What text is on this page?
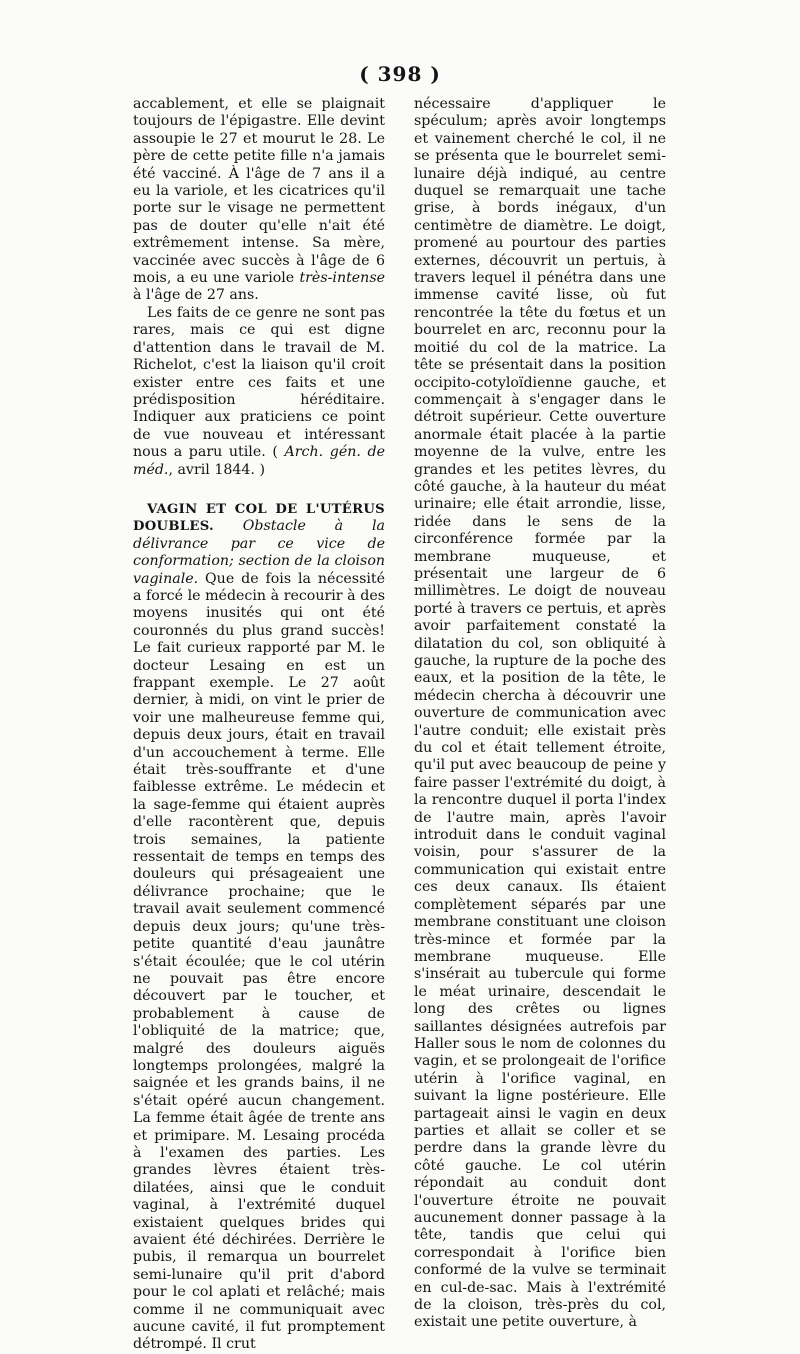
( 398 )

accablement, et elle se plaignait toujours de l'épigastre. Elle devint assoupie le 27 et mourut le 28. Le père de cette petite fille n'a jamais été vacciné. À l'âge de 7 ans il a eu la variole, et les cicatrices qu'il porte sur le visage ne permettent pas de douter qu'elle n'ait été extrêmement intense. Sa mère, vaccinée avec succès à l'âge de 6 mois, a eu une variole très-intense à l'âge de 27 ans.

Les faits de ce genre ne sont pas rares, mais ce qui est digne d'attention dans le travail de M. Richelot, c'est la liaison qu'il croit exister entre ces faits et une prédisposition héréditaire. Indiquer aux praticiens ce point de vue nouveau et intéressant nous a paru utile. ( Arch. gén. de méd., avril 1844. )

VAGIN ET COL DE L'UTÉRUS DOUBLES. Obstacle à la délivrance par ce vice de conformation; section de la cloison vaginale. Que de fois la nécessité a forcé le médecin à recourir à des moyens inusités qui ont été couronnés du plus grand succès! Le fait curieux rapporté par M. le docteur Lesaing en est un frappant exemple. Le 27 août dernier, à midi, on vint le prier de voir une malheureuse femme qui, depuis deux jours, était en travail d'un accouchement à terme. Elle était très-souffrante et d'une faiblesse extrême. Le médecin et la sage-femme qui étaient auprès d'elle racontèrent que, depuis trois semaines, la patiente ressentait de temps en temps des douleurs qui présageaient une délivrance prochaine; que le travail avait seulement commencé depuis deux jours; qu'une très-petite quantité d'eau jaunâtre s'était écoulée; que le col utérin ne pouvait pas être encore découvert par le toucher, et probablement à cause de l'obliquité de la matrice; que, malgré des douleurs aiguës longtemps prolongées, malgré la saignée et les grands bains, il ne s'était opéré aucun changement. La femme était âgée de trente ans et primipare. M. Lesaing procéda à l'examen des parties. Les grandes lèvres étaient très-dilatées, ainsi que le conduit vaginal, à l'extrémité duquel existaient quelques brides qui avaient été déchirées. Derrière le pubis, il remarqua un bourrelet semi-lunaire qu'il prit d'abord pour le col aplati et relâché; mais comme il ne communiquait avec aucune cavité, il fut promptement détrompé. Il crut

nécessaire d'appliquer le spéculum; après avoir longtemps et vainement cherché le col, il ne se présenta que le bourrelet semi-lunaire déjà indiqué, au centre duquel se remarquait une tache grise, à bords inégaux, d'un centimètre de diamètre. Le doigt, promené au pourtour des parties externes, découvrit un pertuis, à travers lequel il pénétra dans une immense cavité lisse, où fut rencontrée la tête du fœtus et un bourrelet en arc, reconnu pour la moitié du col de la matrice. La tête se présentait dans la position occipito-cotyloïdienne gauche, et commençait à s'engager dans le détroit supérieur. Cette ouverture anormale était placée à la partie moyenne de la vulve, entre les grandes et les petites lèvres, du côté gauche, à la hauteur du méat urinaire; elle était arrondie, lisse, ridée dans le sens de la circonférence formée par la membrane muqueuse, et présentait une largeur de 6 millimètres. Le doigt de nouveau porté à travers ce pertuis, et après avoir parfaitement constaté la dilatation du col, son obliquité à gauche, la rupture de la poche des eaux, et la position de la tête, le médecin chercha à découvrir une ouverture de communication avec l'autre conduit; elle existait près du col et était tellement étroite, qu'il put avec beaucoup de peine y faire passer l'extrémité du doigt, à la rencontre duquel il porta l'index de l'autre main, après l'avoir introduit dans le conduit vaginal voisin, pour s'assurer de la communication qui existait entre ces deux canaux. Ils étaient complètement séparés par une membrane constituant une cloison très-mince et formée par la membrane muqueuse. Elle s'insérait au tubercule qui forme le méat urinaire, descendait le long des crêtes ou lignes saillantes désignées autrefois par Haller sous le nom de colonnes du vagin, et se prolongeait de l'orifice utérin à l'orifice vaginal, en suivant la ligne postérieure. Elle partageait ainsi le vagin en deux parties et allait se coller et se perdre dans la grande lèvre du côté gauche. Le col utérin répondait au conduit dont l'ouverture étroite ne pouvait aucunement donner passage à la tête, tandis que celui qui correspondait à l'orifice bien conformé de la vulve se terminait en cul-de-sac. Mais à l'extrémité de la cloison, très-près du col, existait une petite ouverture, à
